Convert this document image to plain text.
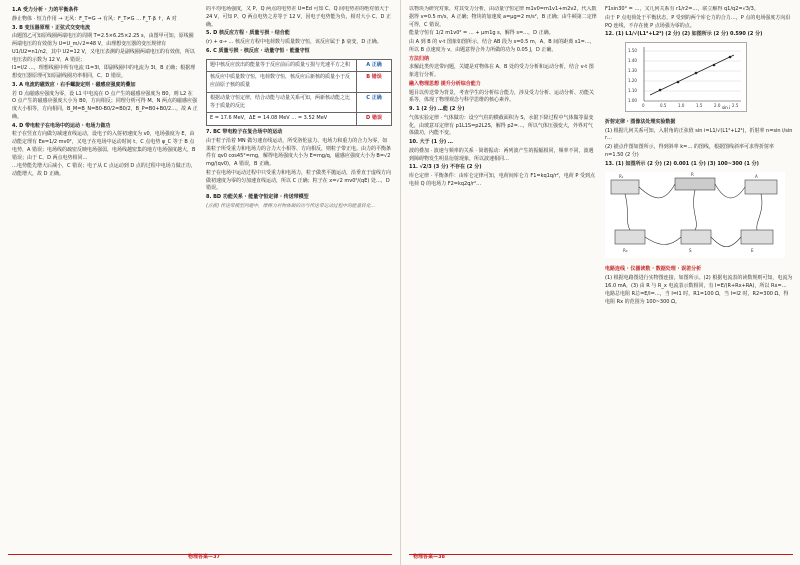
1.A 受力分析 · 力的平衡条件
静止物体 · 恒力作用 → 无风：F_T=G → 有风：F_T≠G … F_T·β ↑，A 对
3. B 变压器原理 · 正弦式交变电流
由题图乙可知原线圈两端电压的周期 T=2.5×6.25×2.25 s，由图甲可知，原线圈两端电压的有效值为 U=U_m/√2=48 V，由理想变压器的变压规律有 U1/U2=n1/n2，其中 U2=12 V，又电压表测的是副线圈两端电压的有效值，所以电压表的示数为 12 V，A 错误；
I1=I/2 …，理想线圈中所有电流 I1=3I，即副线圈中的电流为 3I，B 正确；根据理想变压器原理可知原副线圈功率相同，C、D 错误。
3. A 电流的磁效应 · 右手螺旋定则 · 磁感应强度的叠加
若 O 点磁感应强度为零，设 L1 中电流在 O 点产生的磁感应强度为 B0，则 L2 在 O 点产生的磁感应强度大小为 B0，方向相反；同理分析可得 M、N 两点的磁感应强度大小相等，方向相同，B_M=B_N=B0-B0/2=B0/2，B_P=B0+B0/2…，故 A 正确。
4. D 带电粒子在电场中的运动 · 电场力做功
粒子在竖直方向做匀减速直线运动，设电子的入射初速度为 v0，电场强度为 E，由动能定理有 Ee=1/2 mv0²，又电子在电场中运动时间 t，C 点电势 φ_C 等于 B 点电势，A 错误；电场线的疏密反映电场强弱，电场线越密集的地方电场强度越大，B 错误；由于 C、D 两点电势相同…
…电势能先增大后减小，C 错误；电子从 C 点运动到 D 点的过程中电场力做正功，动能增大，故 D 正确。
的平均电场强度，又 P、Q 两点的电势差 U=Ed 可知 C、Q 间电势差的绝对值大于 24 V，可知 P、Q 两点电势之差等于 12 V，因电子电势能为负，相对大小 C、D 正确。
5. D 核反应方程 · 质量亏损 · 结合能
(r) + α→ … 核反应方程中电荷数与质量数守恒，该反应属于 β 衰变，D 正确。
6. C 质量亏损 · 核反应 · 动量守恒 · 能量守恒
题中核反应放出的能量等于反应前后的质量亏损与光速平方之积	A 正确
核反应中质量数守恒，电荷数守恒，核反应后新核的质量小于反应前原子核的质量	B 错误
根据动量守恒定律，结合动能与动量关系可知，两新核动能之比等于质量的反比	C 正确
E = 17.6 MeV，ΔE = 14.08 MeV … = 3.52 MeV	D 错误
7. BC 带电粒子在复合场中的运动
由于粒子沿着 MN 做匀速直线运动，所受洛伦兹力、电场力和重力的合力为零，如果粒子所受重力和电场力的合力大小相等、方向相反，则粒子带正电。由力的平衡条件有 qv0 cos45°=mg，解得电场强度大小为 E=mg/q，磁感应强度大小为 B=√2 mg/(qv0)，A 错误，B 正确。
粒子在电场中运动过程中只受重力和电场力，粒子做类平抛运动，沿垂直于虚线方向做初速度为零的匀加速直线运动，所以 C 正确；粒子在 x=√2 mv0²/(qE) 处…，D 错误。
8. BD 功能关系 · 能量守恒定律 · 传送带模型
[点拨] 传送带模型问题中，摩擦力对物体做的功与传送带运动过程中的能量转化…
物理答案—37
以物块为研究对象，对其受力分析，由动量守恒定律 m1v0=m1v1+m2v2，代入数据得 v=0.5 m/s，A 正确；物块的加速度 a=μg=2 m/s²，B 正确；由牛顿第二定律可得，C 错误。
能量守恒有 1/2 m1v0² = … + μm1g s，解得 s=…，D 正确。
由 A 到 B 的 v-t 图象如图所示，结合 AB 段为 s=0.5 m，A、B 间的距离 s1=…，所以 B 点速度为 v，由题意得合外力所做的功为 0.05 J，D 正确。
方法归纳
求解此类传送带问题，关键是对物体在 A、B 处的受力分析和运动分析，结合 v-t 图象进行分析。
融入物理思想 提升分析综合能力
题目以传送带为背景，考查学生的分析综合能力，涉及受力分析、运动分析、功能关系等，体现了物理观念与科学思维的核心素养。
9. 1 (2 分) …能 (2 分)
气体实验定律 · 气体做功：设空气柱的横截面积为 S，水银下降过程中气体做等温变化，由玻意耳定律有 p1L1S=p2L2S，解得 p2=…，所以气体压强变大，外界对气体做功，内能不变。
10. 大于 (1 分) …
波的叠加 · 波速与频率的关系 · 简谐振动：两列波产生的振幅相同，频率不同，波遇到障碍物发生明显衍射现象，所以波速相同…
11. √2/3 (3 分) 不存在 (2 分)
库仑定律 · 平衡条件：由库仑定律可知，电荷间库仑力 F1=kq1q/r²，电荷 P 受到点电荷 Q 的电场力 F2=kq2q/r²…
F1sin30° = …，又几何关系有 r1/r2=…，联立解得 q1/q2=√3/3。
由于 P 点电荷处于平衡状态，P 受到的两个库仑力的合力…，P 点的电场强度方向沿 PQ 连线，不存在使 P 点场强为零的点。
12. (1) L1/√(L1²+L2²) (2 分) (2) 如图所示 (2 分) 0.590 (2 分)
1.50
1.40
1.30
1.20
1.10
1.00
0	0.5	1.0	1.5	2.0	2.5
sin i
折射定律 · 图像法处理实验数据
(1) 根据几何关系可知，入射角的正弦值 sin i=L1/√(L1²+L2²)，折射率 n=sin i/sin r…
(2) 描点作图如图所示，得到斜率 k=… 的图线，根据图线斜率可求得折射率 n=1.50 (2 分)
13. (1) 如图所示 (2 分) (2) 0.001 (1 分) (3) 100~300 (1 分)
R₁	R	A
R₀	S	E
电路连线 · 仪器读数 · 数据处理 · 误差分析
(1) 根据电路图进行实物图连接，如图所示。(2) 根据电流表的读数规则可知，电流为 16.0 mA，(3) 由 R 与 R_x 电流表示数相同，有 I=E/(R+Rx+RA)，所以 Rx=…
电路总电阻 R总=E/I=…，当 I=I1 时，R1=100 Ω，当 I=I2 时，R2=300 Ω，得电阻 Rx 的范围为 100~300 Ω。
物理答案—38
